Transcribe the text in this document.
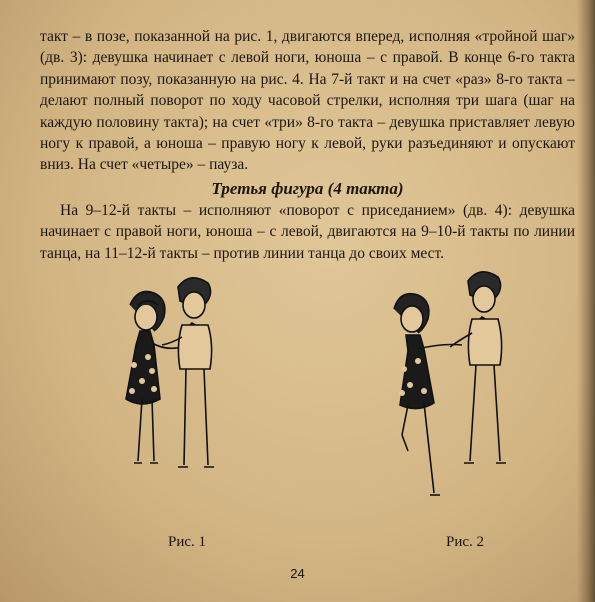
такт – в позе, показанной на рис. 1, двигаются вперед, исполняя «тройной шаг» (дв. 3): девушка начинает с левой ноги, юноша – с правой. В конце 6-го такта принимают позу, показанную на рис. 4. На 7-й такт и на счет «раз» 8-го такта – делают полный поворот по ходу часовой стрелки, исполняя три шага (шаг на каждую половину такта); на счет «три» 8-го такта – девушка приставляет левую ногу к правой, а юноша – правую ногу к левой, руки разъединяют и опускают вниз. На счет «четыре» – пауза.

Третья фигура (4 такта)

На 9–12-й такты – исполняют «поворот с приседанием» (дв. 4): девушка начинает с правой ноги, юноша – с левой, двигаются на 9–10-й такты по линии танца, на 11–12-й такты – против линии танца до своих мест.

Рис. 1	Рис. 2
24
